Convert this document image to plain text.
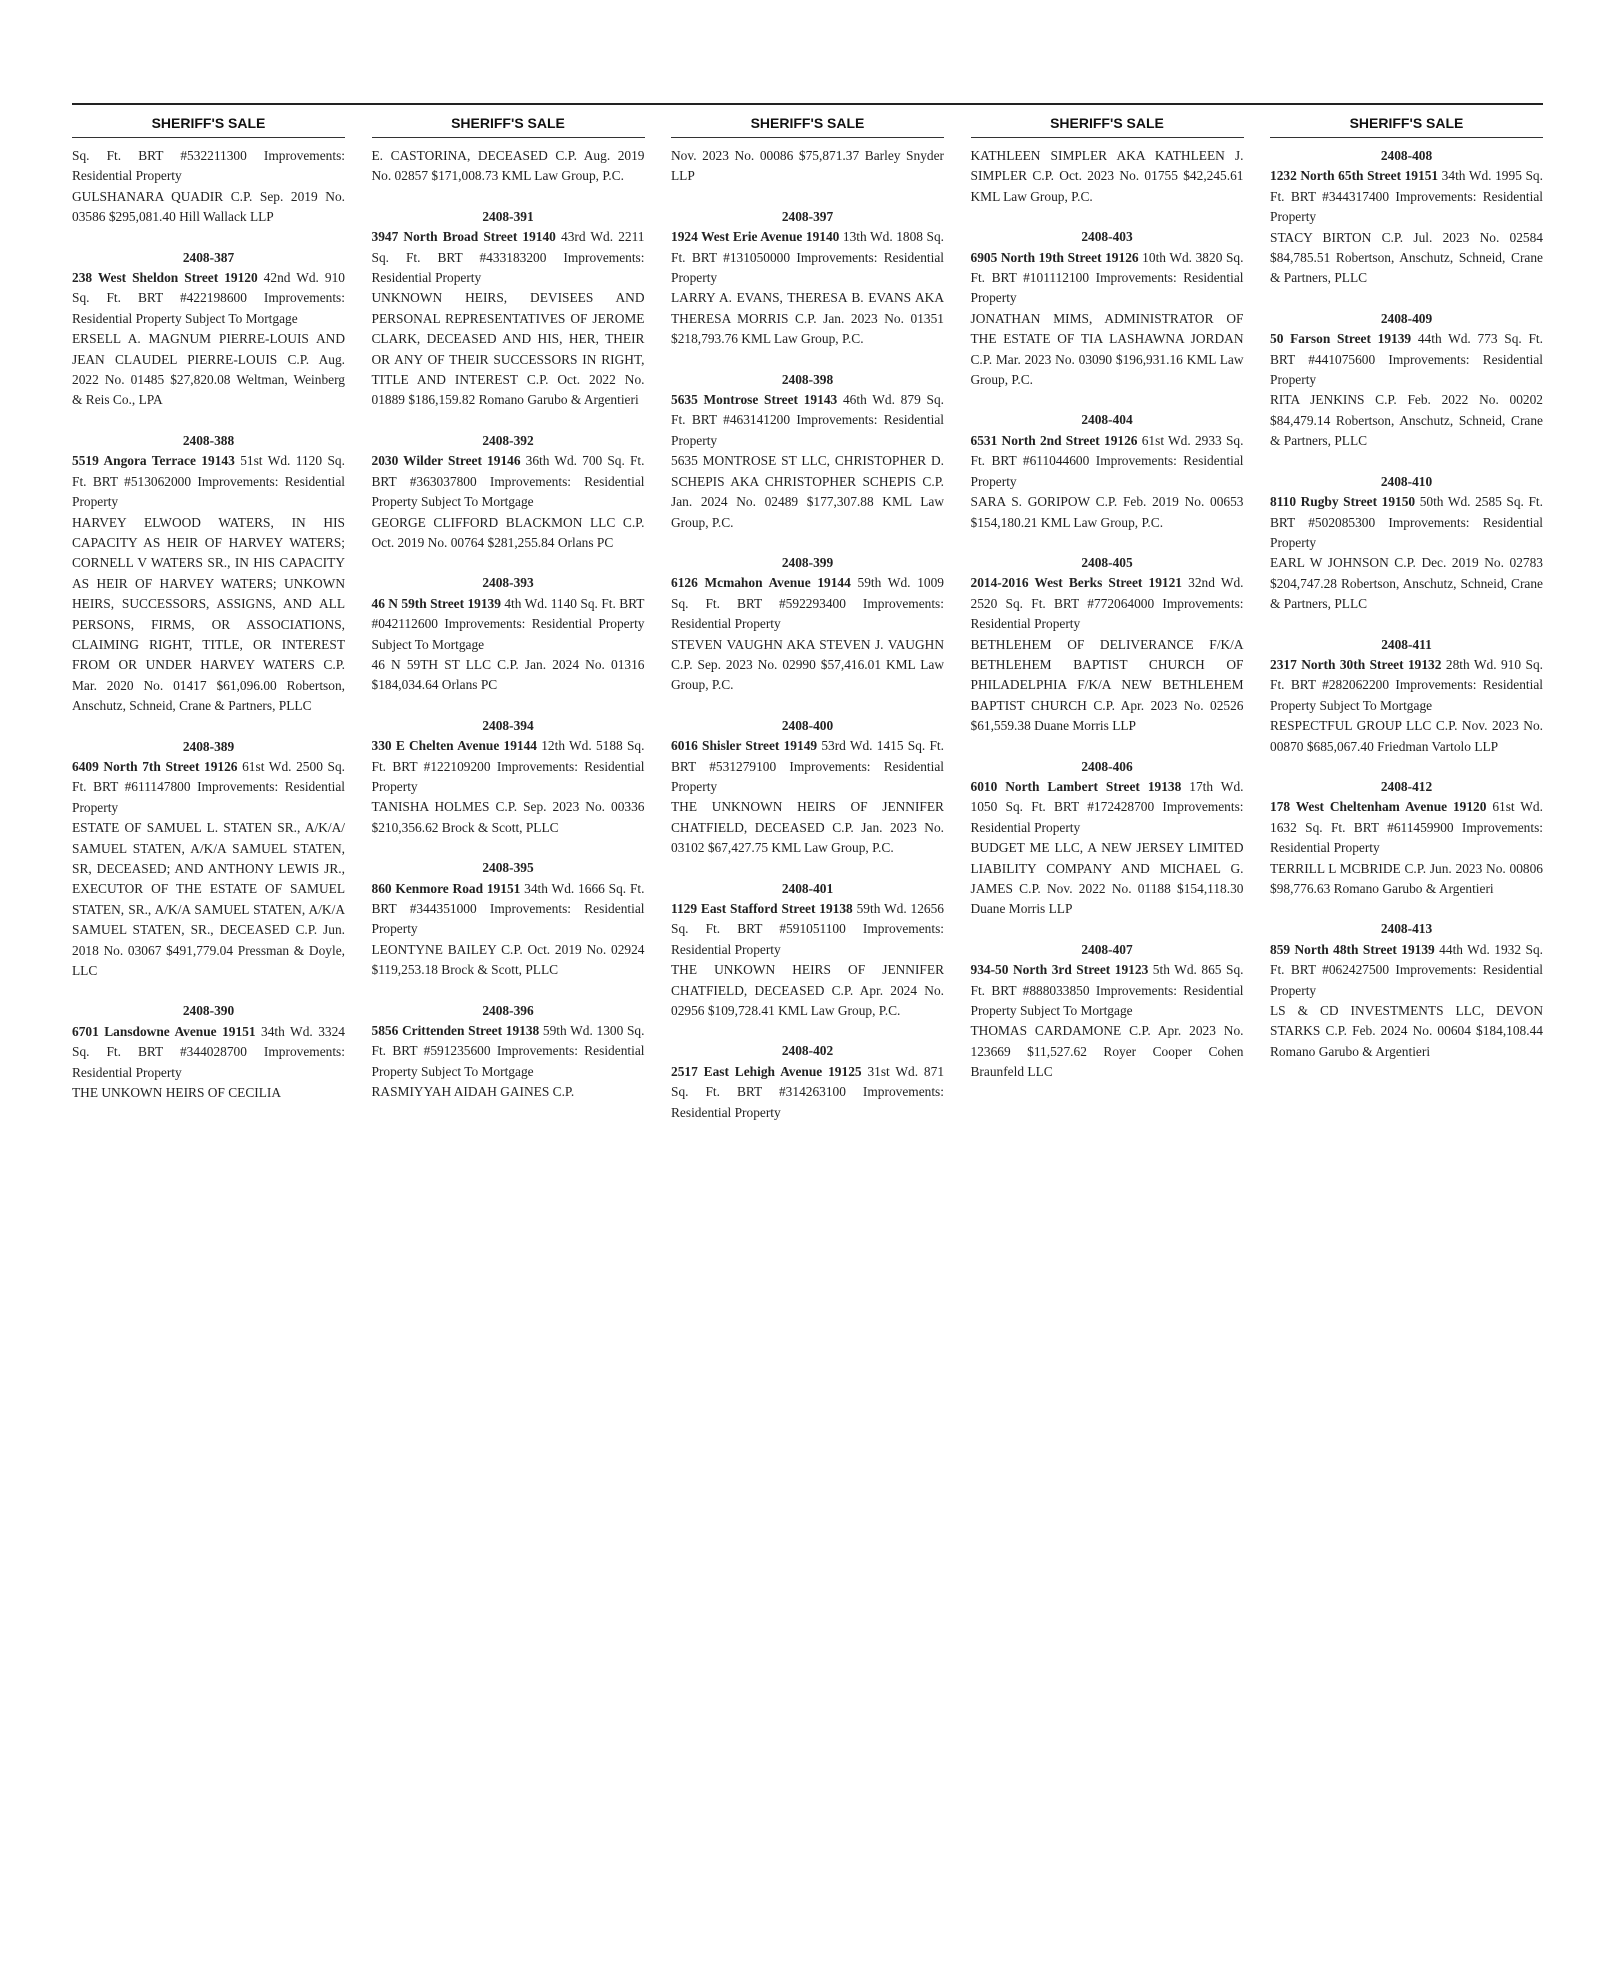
SHERIFF'S SALE
Sq. Ft. BRT #532211300 Improvements: Residential Property
GULSHANARA QUADIR C.P. Sep. 2019 No. 03586 $295,081.40 Hill Wallack LLP
2408-387
238 West Sheldon Street 19120 42nd Wd. 910 Sq. Ft. BRT #422198600 Improvements: Residential Property Subject To Mortgage
ERSELL A. MAGNUM PIERRE-LOUIS AND JEAN CLAUDEL PIERRE-LOUIS C.P. Aug. 2022 No. 01485 $27,820.08 Weltman, Weinberg & Reis Co., LPA
2408-388
5519 Angora Terrace 19143 51st Wd. 1120 Sq. Ft. BRT #513062000 Improvements: Residential Property
HARVEY ELWOOD WATERS, IN HIS CAPACITY AS HEIR OF HARVEY WATERS; CORNELL V WATERS SR., IN HIS CAPACITY AS HEIR OF HARVEY WATERS; UNKOWN HEIRS, SUCCESSORS, ASSIGNS, AND ALL PERSONS, FIRMS, OR ASSOCIATIONS, CLAIMING RIGHT, TITLE, OR INTEREST FROM OR UNDER HARVEY WATERS C.P. Mar. 2020 No. 01417 $61,096.00 Robertson, Anschutz, Schneid, Crane & Partners, PLLC
2408-389
6409 North 7th Street 19126 61st Wd. 2500 Sq. Ft. BRT #611147800 Improvements: Residential Property
ESTATE OF SAMUEL L. STATEN SR., A/K/A/ SAMUEL STATEN, A/K/A SAMUEL STATEN, SR, DECEASED; AND ANTHONY LEWIS JR., EXECUTOR OF THE ESTATE OF SAMUEL STATEN, SR., A/K/A SAMUEL STATEN, A/K/A SAMUEL STATEN, SR., DECEASED C.P. Jun. 2018 No. 03067 $491,779.04 Pressman & Doyle, LLC
2408-390
6701 Lansdowne Avenue 19151 34th Wd. 3324 Sq. Ft. BRT #344028700 Improvements: Residential Property
THE UNKOWN HEIRS OF CECILIA
SHERIFF'S SALE
E. CASTORINA, DECEASED C.P. Aug. 2019 No. 02857 $171,008.73 KML Law Group, P.C.
2408-391
3947 North Broad Street 19140 43rd Wd. 2211 Sq. Ft. BRT #433183200 Improvements: Residential Property
UNKNOWN HEIRS, DEVISEES AND PERSONAL REPRESENTATIVES OF JEROME CLARK, DECEASED AND HIS, HER, THEIR OR ANY OF THEIR SUCCESSORS IN RIGHT, TITLE AND INTEREST C.P. Oct. 2022 No. 01889 $186,159.82 Romano Garubo & Argentieri
2408-392
2030 Wilder Street 19146 36th Wd. 700 Sq. Ft. BRT #363037800 Improvements: Residential Property Subject To Mortgage
GEORGE CLIFFORD BLACKMON LLC C.P. Oct. 2019 No. 00764 $281,255.84 Orlans PC
2408-393
46 N 59th Street 19139 4th Wd. 1140 Sq. Ft. BRT #042112600 Improvements: Residential Property Subject To Mortgage
46 N 59TH ST LLC C.P. Jan. 2024 No. 01316 $184,034.64 Orlans PC
2408-394
330 E Chelten Avenue 19144 12th Wd. 5188 Sq. Ft. BRT #122109200 Improvements: Residential Property
TANISHA HOLMES C.P. Sep. 2023 No. 00336 $210,356.62 Brock & Scott, PLLC
2408-395
860 Kenmore Road 19151 34th Wd. 1666 Sq. Ft. BRT #344351000 Improvements: Residential Property
LEONTYNE BAILEY C.P. Oct. 2019 No. 02924 $119,253.18 Brock & Scott, PLLC
2408-396
5856 Crittenden Street 19138 59th Wd. 1300 Sq. Ft. BRT #591235600 Improvements: Residential Property Subject To Mortgage
RASMIYYAH AIDAH GAINES C.P.
SHERIFF'S SALE
Nov. 2023 No. 00086 $75,871.37 Barley Snyder LLP
2408-397
1924 West Erie Avenue 19140 13th Wd. 1808 Sq. Ft. BRT #131050000 Improvements: Residential Property
LARRY A. EVANS, THERESA B. EVANS AKA THERESA MORRIS C.P. Jan. 2023 No. 01351 $218,793.76 KML Law Group, P.C.
2408-398
5635 Montrose Street 19143 46th Wd. 879 Sq. Ft. BRT #463141200 Improvements: Residential Property
5635 MONTROSE ST LLC, CHRISTOPHER D. SCHEPIS AKA CHRISTOPHER SCHEPIS C.P. Jan. 2024 No. 02489 $177,307.88 KML Law Group, P.C.
2408-399
6126 Mcmahon Avenue 19144 59th Wd. 1009 Sq. Ft. BRT #592293400 Improvements: Residential Property
STEVEN VAUGHN AKA STEVEN J. VAUGHN C.P. Sep. 2023 No. 02990 $57,416.01 KML Law Group, P.C.
2408-400
6016 Shisler Street 19149 53rd Wd. 1415 Sq. Ft. BRT #531279100 Improvements: Residential Property
THE UNKNOWN HEIRS OF JENNIFER CHATFIELD, DECEASED C.P. Jan. 2023 No. 03102 $67,427.75 KML Law Group, P.C.
2408-401
1129 East Stafford Street 19138 59th Wd. 12656 Sq. Ft. BRT #591051100 Improvements: Residential Property
THE UNKOWN HEIRS OF JENNIFER CHATFIELD, DECEASED C.P. Apr. 2024 No. 02956 $109,728.41 KML Law Group, P.C.
2408-402
2517 East Lehigh Avenue 19125 31st Wd. 871 Sq. Ft. BRT #314263100 Improvements: Residential Property
SHERIFF'S SALE
KATHLEEN SIMPLER AKA KATHLEEN J. SIMPLER C.P. Oct. 2023 No. 01755 $42,245.61 KML Law Group, P.C.
2408-403
6905 North 19th Street 19126 10th Wd. 3820 Sq. Ft. BRT #101112100 Improvements: Residential Property
JONATHAN MIMS, ADMINISTRATOR OF THE ESTATE OF TIA LASHAWNA JORDAN C.P. Mar. 2023 No. 03090 $196,931.16 KML Law Group, P.C.
2408-404
6531 North 2nd Street 19126 61st Wd. 2933 Sq. Ft. BRT #611044600 Improvements: Residential Property
SARA S. GORIPOW C.P. Feb. 2019 No. 00653 $154,180.21 KML Law Group, P.C.
2408-405
2014-2016 West Berks Street 19121 32nd Wd. 2520 Sq. Ft. BRT #772064000 Improvements: Residential Property
BETHLEHEM OF DELIVERANCE F/K/A BETHLEHEM BAPTIST CHURCH OF PHILADELPHIA F/K/A NEW BETHLEHEM BAPTIST CHURCH C.P. Apr. 2023 No. 02526 $61,559.38 Duane Morris LLP
2408-406
6010 North Lambert Street 19138 17th Wd. 1050 Sq. Ft. BRT #172428700 Improvements: Residential Property
BUDGET ME LLC, A NEW JERSEY LIMITED LIABILITY COMPANY AND MICHAEL G. JAMES C.P. Nov. 2022 No. 01188 $154,118.30 Duane Morris LLP
2408-407
934-50 North 3rd Street 19123 5th Wd. 865 Sq. Ft. BRT #888033850 Improvements: Residential Property Subject To Mortgage
THOMAS CARDAMONE C.P. Apr. 2023 No. 123669 $11,527.62 Royer Cooper Cohen Braunfeld LLC
SHERIFF'S SALE
2408-408
1232 North 65th Street 19151 34th Wd. 1995 Sq. Ft. BRT #344317400 Improvements: Residential Property
STACY BIRTON C.P. Jul. 2023 No. 02584 $84,785.51 Robertson, Anschutz, Schneid, Crane & Partners, PLLC
2408-409
50 Farson Street 19139 44th Wd. 773 Sq. Ft. BRT #441075600 Improvements: Residential Property
RITA JENKINS C.P. Feb. 2022 No. 00202 $84,479.14 Robertson, Anschutz, Schneid, Crane & Partners, PLLC
2408-410
8110 Rugby Street 19150 50th Wd. 2585 Sq. Ft. BRT #502085300 Improvements: Residential Property
EARL W JOHNSON C.P. Dec. 2019 No. 02783 $204,747.28 Robertson, Anschutz, Schneid, Crane & Partners, PLLC
2408-411
2317 North 30th Street 19132 28th Wd. 910 Sq. Ft. BRT #282062200 Improvements: Residential Property Subject To Mortgage
RESPECTFUL GROUP LLC C.P. Nov. 2023 No. 00870 $685,067.40 Friedman Vartolo LLP
2408-412
178 West Cheltenham Avenue 19120 61st Wd. 1632 Sq. Ft. BRT #611459900 Improvements: Residential Property
TERRILL L MCBRIDE C.P. Jun. 2023 No. 00806 $98,776.63 Romano Garubo & Argentieri
2408-413
859 North 48th Street 19139 44th Wd. 1932 Sq. Ft. BRT #062427500 Improvements: Residential Property
LS & CD INVESTMENTS LLC, DEVON STARKS C.P. Feb. 2024 No. 00604 $184,108.44 Romano Garubo & Argentieri
